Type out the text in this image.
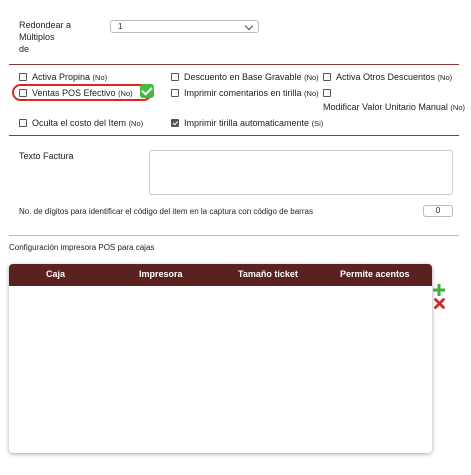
Redondear a Múltiplos
de
1
Activa Propina (No)	Descuento en Base Gravable (No) Activa Otros Descuentos (No)
Ventas POS Efectivo (No)	Imprimir comentarios en tirilla (No)
Modificar Valor Unitario Manual (No)
Oculta el costo del Item (No)	Imprimir tirilla automaticamente (Si)
Texto Factura
No. de dígitos para identificar el código del item en la captura con código de barras	0
Configuración impresora POS para cajas
Caja	Impresora	Tamaño ticket	Permite acentos
